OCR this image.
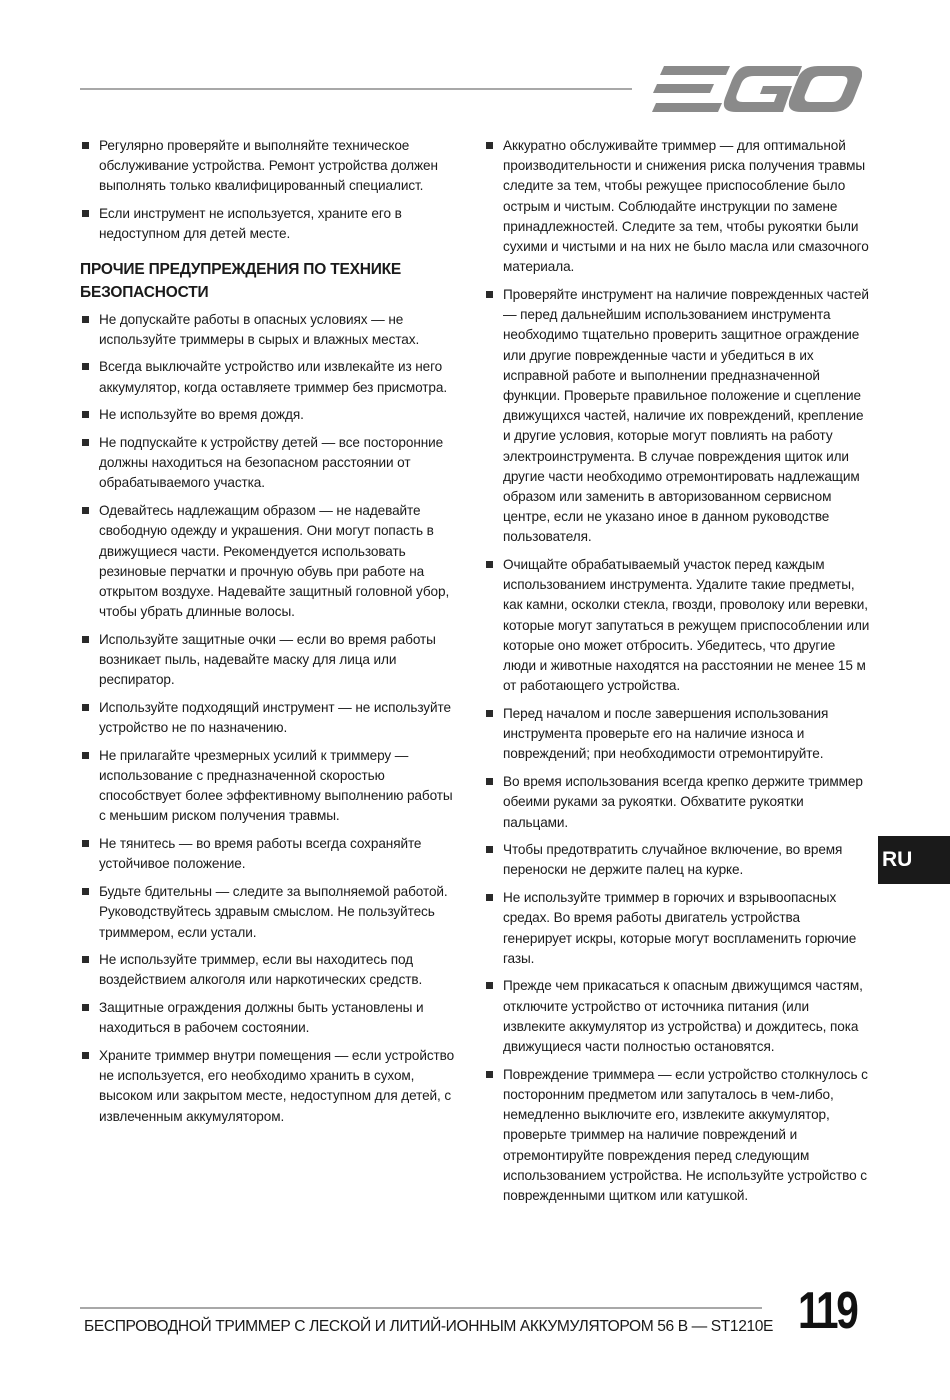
Регулярно проверяйте и выполняйте техническое обслуживание устройства. Ремонт устройства должен выполнять только квалифицированный специалист.
Если инструмент не используется, храните его в недоступном для детей месте.
ПРОЧИЕ ПРЕДУПРЕЖДЕНИЯ ПО ТЕХНИКЕ БЕЗОПАСНОСТИ
Не допускайте работы в опасных условиях — не используйте триммеры в сырых и влажных местах.
Всегда выключайте устройство или извлекайте из него аккумулятор, когда оставляете триммер без присмотра.
Не используйте во время дождя.
Не подпускайте к устройству детей — все посторонние должны находиться на безопасном расстоянии от обрабатываемого участка.
Одевайтесь надлежащим образом — не надевайте свободную одежду и украшения. Они могут попасть в движущиеся части. Рекомендуется использовать резиновые перчатки и прочную обувь при работе на открытом воздухе. Надевайте защитный головной убор, чтобы убрать длинные волосы.
Используйте защитные очки — если во время работы возникает пыль, надевайте маску для лица или респиратор.
Используйте подходящий инструмент — не используйте устройство не по назначению.
Не прилагайте чрезмерных усилий к триммеру — использование с предназначенной скоростью способствует более эффективному выполнению работы с меньшим риском получения травмы.
Не тянитесь — во время работы всегда сохраняйте устойчивое положение.
Будьте бдительны — следите за выполняемой работой. Руководствуйтесь здравым смыслом. Не пользуйтесь триммером, если устали.
Не используйте триммер, если вы находитесь под воздействием алкоголя или наркотических средств.
Защитные ограждения должны быть установлены и находиться в рабочем состоянии.
Храните триммер внутри помещения — если устройство не используется, его необходимо хранить в сухом, высоком или закрытом месте, недоступном для детей, с извлеченным аккумулятором.
Аккуратно обслуживайте триммер — для оптимальной производительности и снижения риска получения травмы следите за тем, чтобы режущее приспособление было острым и чистым. Соблюдайте инструкции по замене принадлежностей. Следите за тем, чтобы рукоятки были сухими и чистыми и на них не было масла или смазочного материала.
Проверяйте инструмент на наличие поврежденных частей — перед дальнейшим использованием инструмента необходимо тщательно проверить защитное ограждение или другие поврежденные части и убедиться в их исправной работе и выполнении предназначенной функции. Проверьте правильное положение и сцепление движущихся частей, наличие их повреждений, крепление и другие условия, которые могут повлиять на работу электроинструмента. В случае повреждения щиток или другие части необходимо отремонтировать надлежащим образом или заменить в авторизованном сервисном центре, если не указано иное в данном руководстве пользователя.
Очищайте обрабатываемый участок перед каждым использованием инструмента. Удалите такие предметы, как камни, осколки стекла, гвозди, проволоку или веревки, которые могут запутаться в режущем приспособлении или которые оно может отбросить. Убедитесь, что другие люди и животные находятся на расстоянии не менее 15 м от работающего устройства.
Перед началом и после завершения использования инструмента проверьте его на наличие износа и повреждений; при необходимости отремонтируйте.
Во время использования всегда крепко держите триммер обеими руками за рукоятки. Обхватите рукоятки пальцами.
Чтобы предотвратить случайное включение, во время переноски не держите палец на курке.
Не используйте триммер в горючих и взрывоопасных средах. Во время работы двигатель устройства генерирует искры, которые могут воспламенить горючие газы.
Прежде чем прикасаться к опасным движущимся частям, отключите устройство от источника питания (или извлеките аккумулятор из устройства) и дождитесь, пока движущиеся части полностью остановятся.
Повреждение триммера — если устройство столкнулось с посторонним предметом или запуталось в чем-либо, немедленно выключите его, извлеките аккумулятор, проверьте триммер на наличие повреждений и отремонтируйте повреждения перед следующим использованием устройства. Не используйте устройство с поврежденными щитком или катушкой.
RU
БЕСПРОВОДНОЙ ТРИММЕР С ЛЕСКОЙ И ЛИТИЙ-ИОННЫМ АККУМУЛЯТОРОМ 56 В — ST1210E 119
